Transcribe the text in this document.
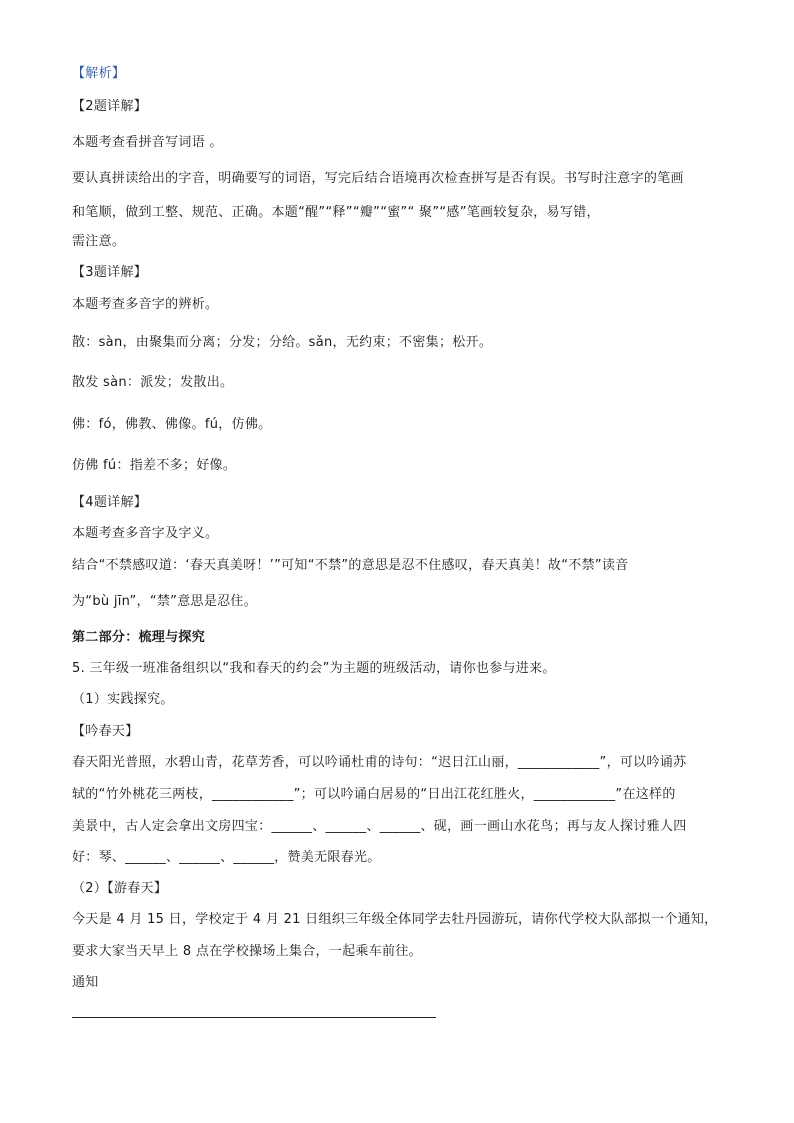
【解析】
【2题详解】
本题考查看拼音写词语 。
要认真拼读给出的字音，明确要写的词语，写完后结合语境再次检查拼写是否有误。书写时注意字的笔画
和笔顺，做到工整、规范、正确。本题“醒”“释”“瓣”“蜜”“ 聚”“感”笔画较复杂，易写错，
需注意。
【3题详解】
本题考查多音字的辨析。
散：sàn，由聚集而分离；分发；分给。sǎn，无约束；不密集；松开。
散发 sàn：派发；发散出。
佛：fó，佛教、佛像。fú，仿佛。
仿佛 fú：指差不多；好像。
【4题详解】
本题考查多音字及字义。
结合“不禁感叹道：‘春天真美呀！’”可知“不禁”的意思是忍不住感叹，春天真美！故“不禁”读音
为“bù jīn”，“禁”意思是忍住。
第二部分：梳理与探究
5. 三年级一班准备组织以“我和春天的约会”为主题的班级活动，请你也参与进来。
（1）实践探究。
【吟春天】
春天阳光普照，水碧山青，花草芳香，可以吟诵杜甫的诗句：“迟日江山丽，____________”，可以吟诵苏
轼的“竹外桃花三两枝，____________”；可以吟诵白居易的“日出江花红胜火，____________”在这样的
美景中，古人定会拿出文房四宝：______、______、______、砚，画一画山水花鸟；再与友人探讨雅人四
好：琴、______、______、______，赞美无限春光。
（2）【游春天】
今天是 4 月 15 日，学校定于 4 月 21 日组织三年级全体同学去牡丹园游玩，请你代学校大队部拟一个通知，
要求大家当天早上 8 点在学校操场上集合，一起乘车前往。
通知
